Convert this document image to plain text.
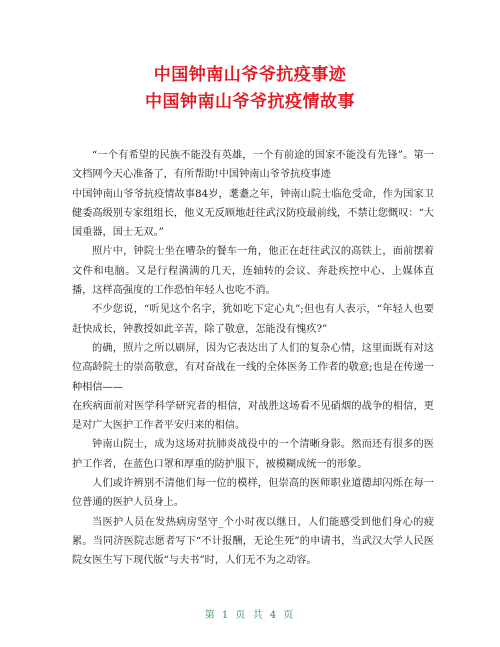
中国钟南山爷爷抗疫事迹
中国钟南山爷爷抗疫情故事

“一个有希望的民族不能没有英雄，一个有前途的国家不能没有先锋”。第一文档网今天心准备了，有所帮助!中国钟南山爷爷抗疫事迹

中国钟南山爷爷抗疫情故事84岁，耄耋之年，钟南山院士临危受命，作为国家卫健委高级别专家组组长，他义无反顾地赶往武汉防疫最前线，不禁让您慨叹：“大国重器，国士无双。”

照片中，钟院士坐在嘈杂的餐车一角，他正在赶往武汉的高铁上，面前摆着文件和电脑。又是行程满满的几天，连轴转的会议、奔赴疾控中心、上媒体直播，这样高强度的工作恐怕年轻人也吃不消。

不少您说，“听见这个名字，犹如吃下定心丸”;但也有人表示，“年轻人也要赶快成长，钟教授如此辛苦，除了敬意，怎能没有愧疚?”

的确，照片之所以刷屏，因为它表达出了人们的复杂心情，这里面既有对这位高龄院士的崇高敬意，有对奋战在一线的全体医务工作者的敬意;也是在传递一种相信——

在疾病面前对医学科学研究者的相信，对战胜这场看不见硝烟的战争的相信，更是对广大医护工作者平安归来的相信。

钟南山院士，成为这场对抗肺炎战役中的一个清晰身影。然而还有很多的医护工作者，在蓝色口罩和厚重的防护服下，被模糊成统一的形象。

人们或许辨别不清他们每一位的模样，但崇高的医师职业道德却闪烁在每一位普通的医护人员身上。

当医护人员在发热病房坚守_个小时夜以继日，人们能感受到他们身心的疲累。当同济医院志愿者写下“不计报酬，无论生死”的申请书，当武汉大学人民医院女医生写下现代版“与夫书”时，人们无不为之动容。

第 1 页 共 4 页
